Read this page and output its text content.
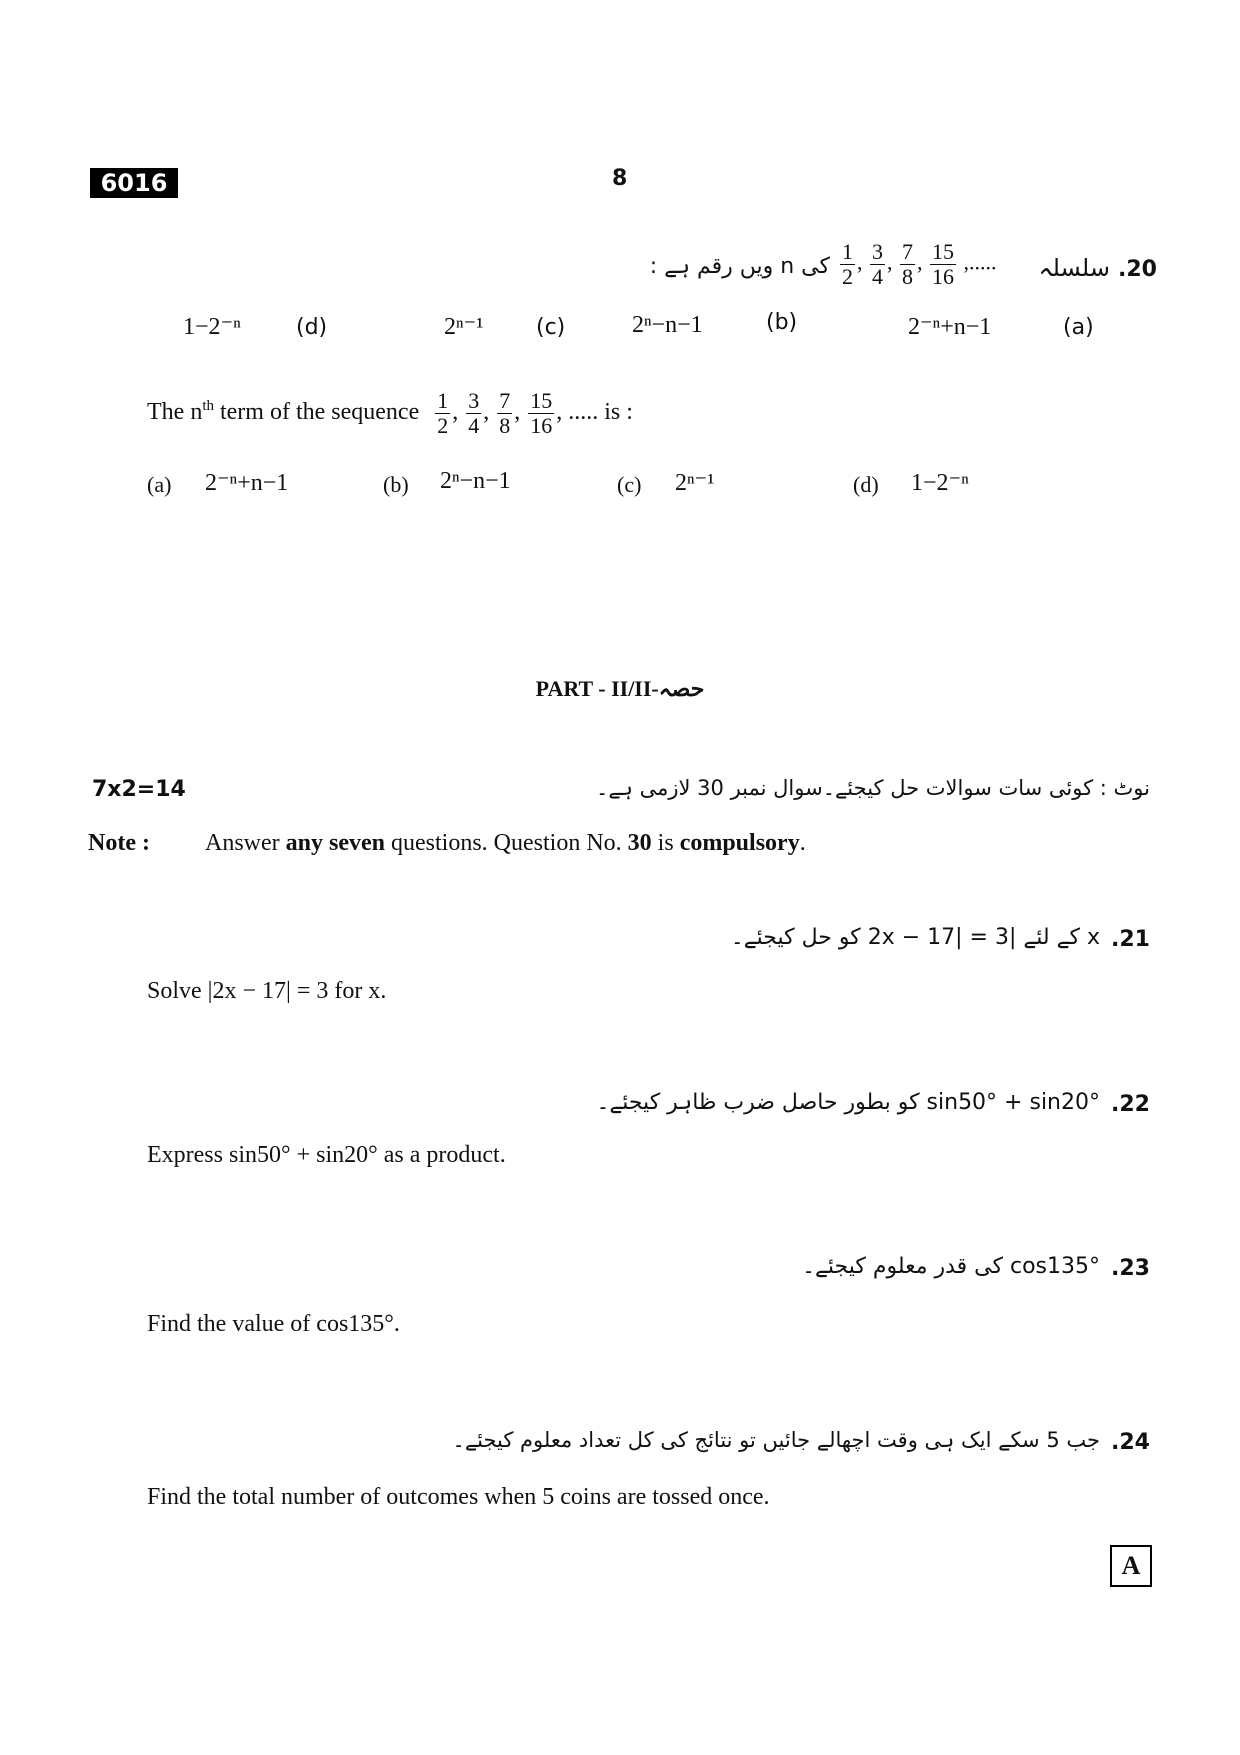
6016	8
.20
سلسلہ
$\frac{1}{2}$ , $\frac{3}{4}$ , $\frac{7}{8}$ , $\frac{15}{16}$ ,.....
کی n ویں رقم ہے :
1−2⁻ⁿ	(d)	2ⁿ⁻¹ (c)	2ⁿ−n−1	(b)	2⁻ⁿ+n−1	(a)
The $n^{th}$ term of the sequence $\frac{1}{2}$ , $\frac{3}{4}$ , $\frac{7}{8}$ , $\frac{15}{16}$ , ..... is :
(a) 2⁻ⁿ+n−1	(b) 2ⁿ−n−1	(c) 2ⁿ⁻¹	(d) 1−2⁻ⁿ
PART - II/II-حصہ
7x2=14	نوٹ : کوئی سات سوالات حل کیجئے۔سوال نمبر 30 لازمی ہے۔
Note : Answer any seven questions. Question No. 30 is compulsory.
.21
x کے لئے |2x − 17| = 3 کو حل کیجئے۔
Solve |2x − 17| = 3 for x.
.22
sin50° + sin20° کو بطور حاصل ضرب ظاہر کیجئے۔
Express sin50° + sin20° as a product.
.23
cos135° کی قدر معلوم کیجئے۔
Find the value of cos135°.
.24
جب 5 سکے ایک ہی وقت اچھالے جائیں تو نتائج کی کل تعداد معلوم کیجئے۔
Find the total number of outcomes when 5 coins are tossed once.
A
